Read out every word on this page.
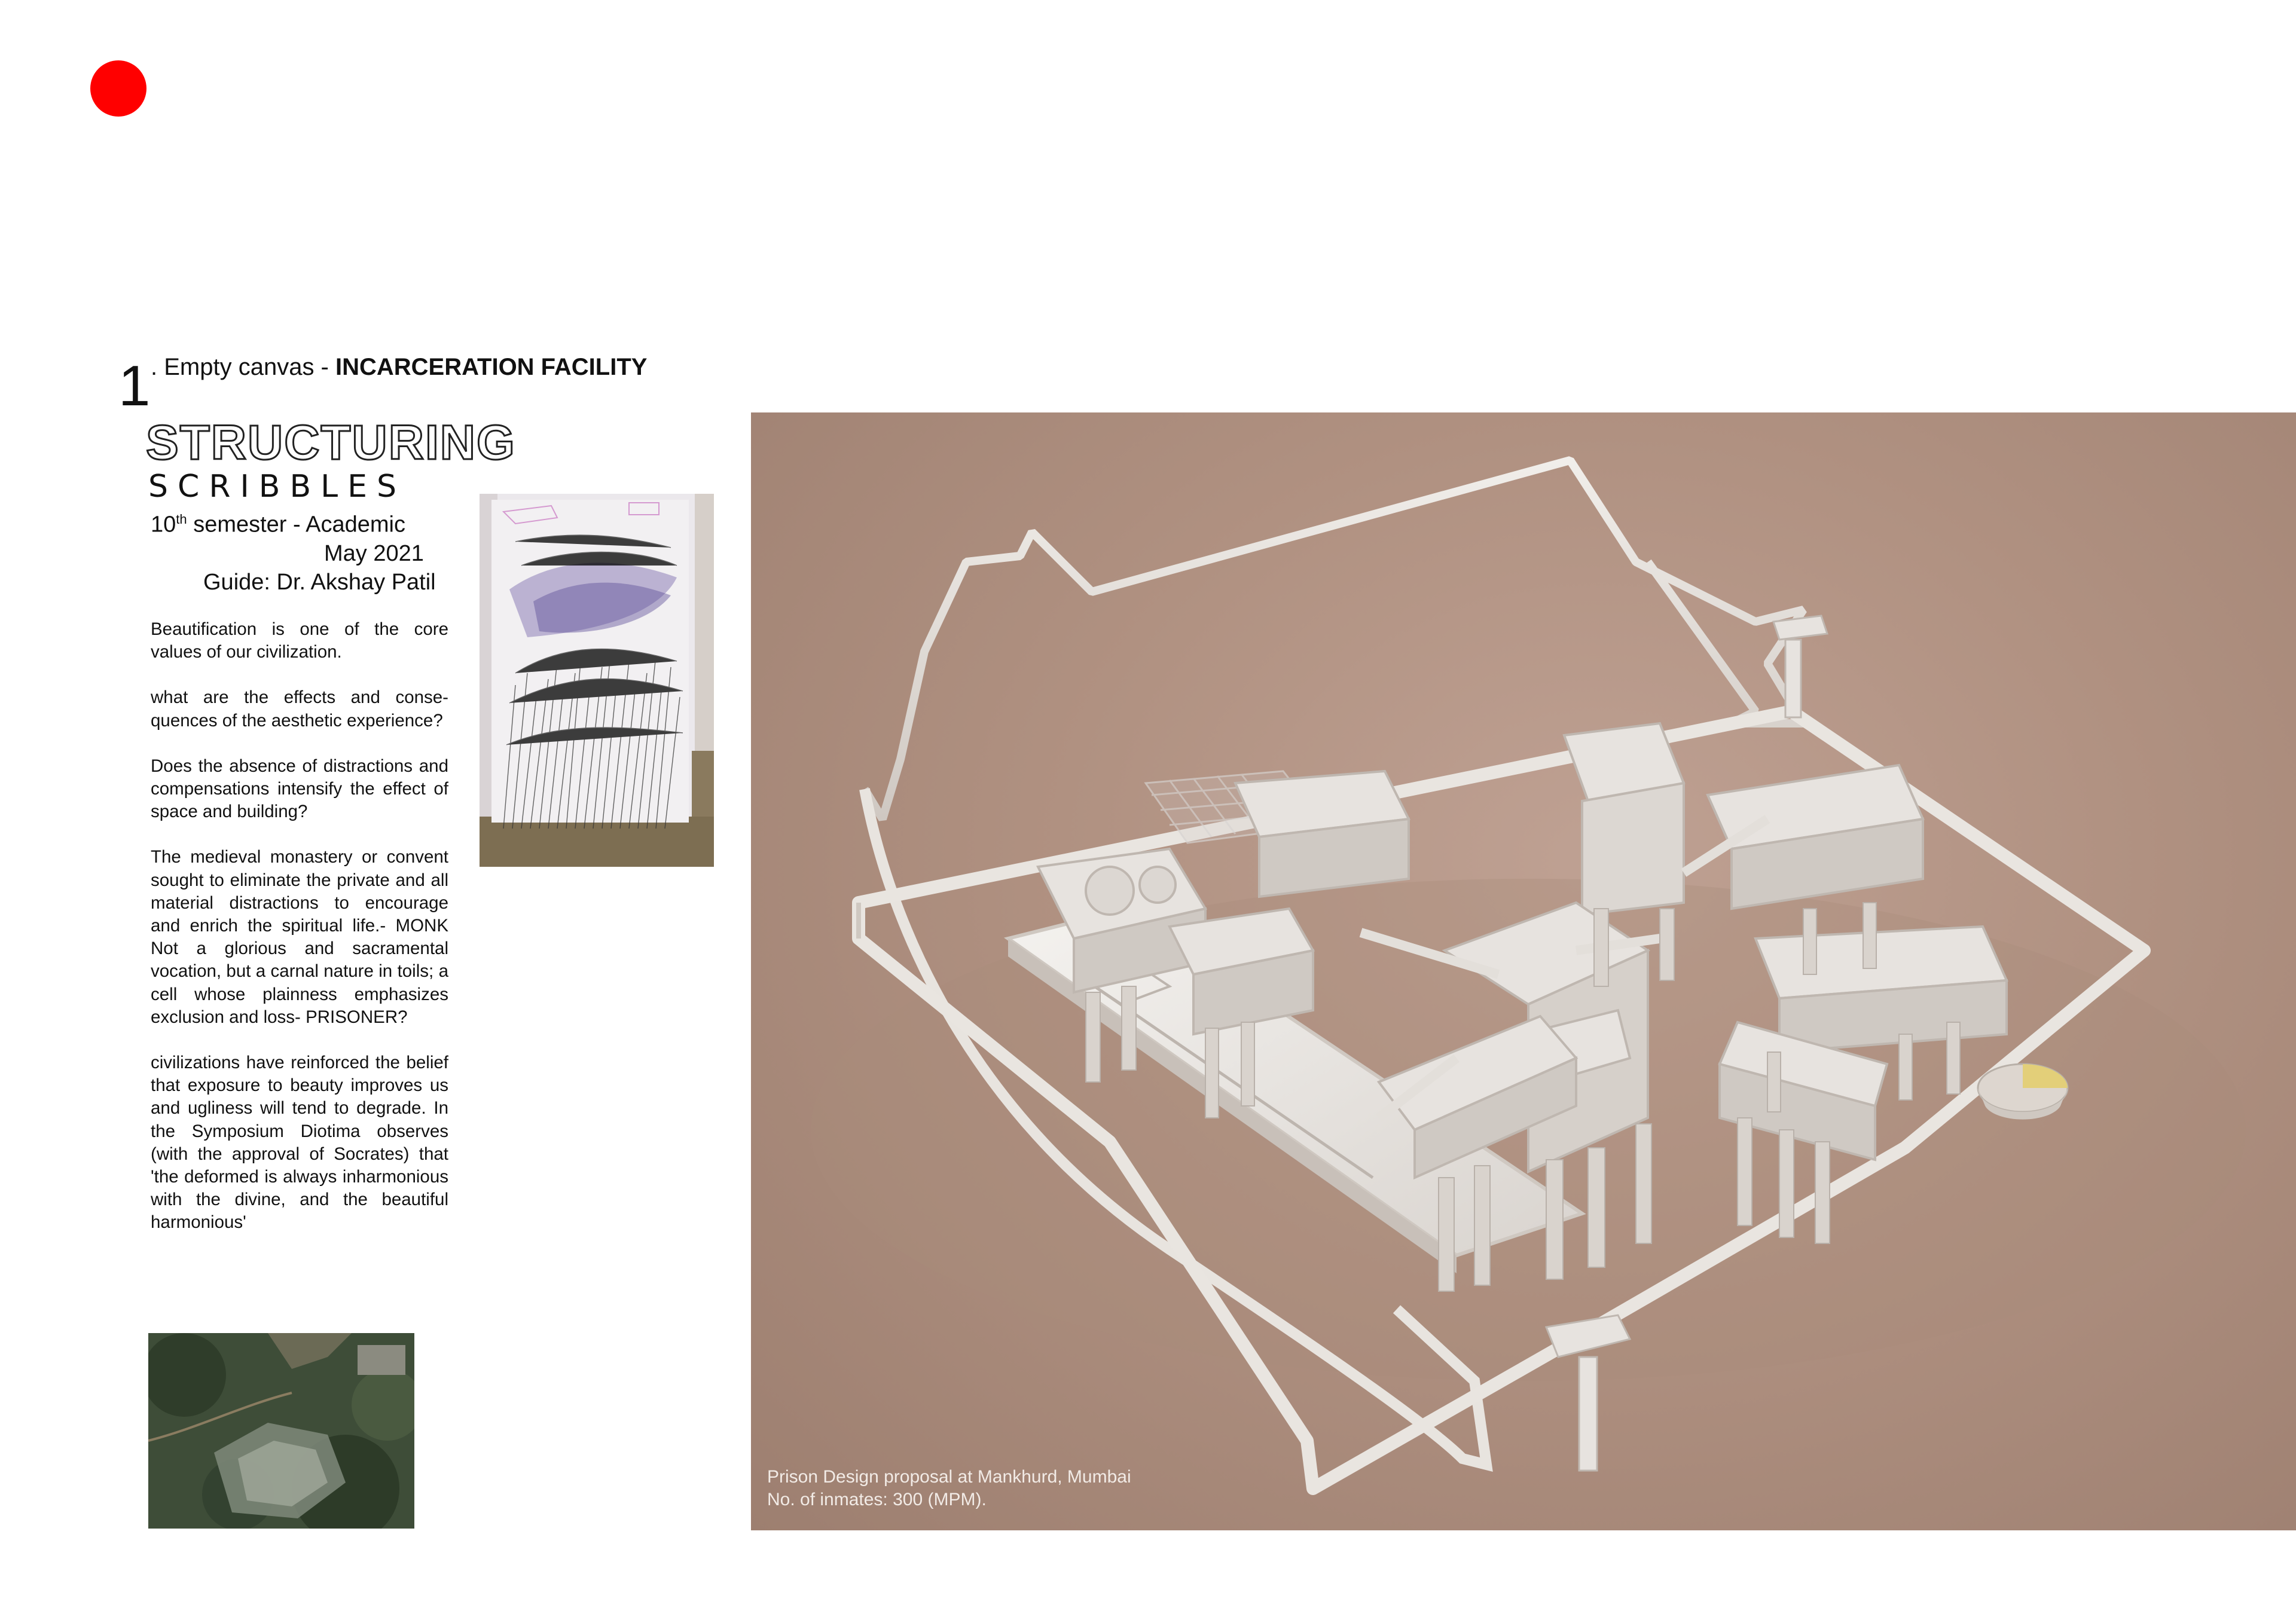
1 . Empty canvas - INCARCERATION FACILITY
STRUCTURING
SCRIBBLES
10th semester - Academic
May 2021
Guide: Dr. Akshay Patil

Beautification is one of the core values of our civilization.

what are the effects and consequences of the aesthetic experience?

Does the absence of distractions and compensations intensify the effect of space and building?

The medieval monastery or convent sought to eliminate the private and all material distractions to encourage and enrich the spiritual life.- MONK Not a glorious and sacramental vocation, but a carnal nature in toils; a cell whose plainness emphasizes exclusion and loss- PRISONER?

civilizations have reinforced the belief that exposure to beauty improves us and ugliness will tend to degrade. In the Symposium Diotima observes (with the approval of Socrates) that 'the deformed is always inharmonious with the divine, and the beautiful harmonious'

Prison Design proposal at Mankhurd, Mumbai
No. of inmates: 300 (MPM).
